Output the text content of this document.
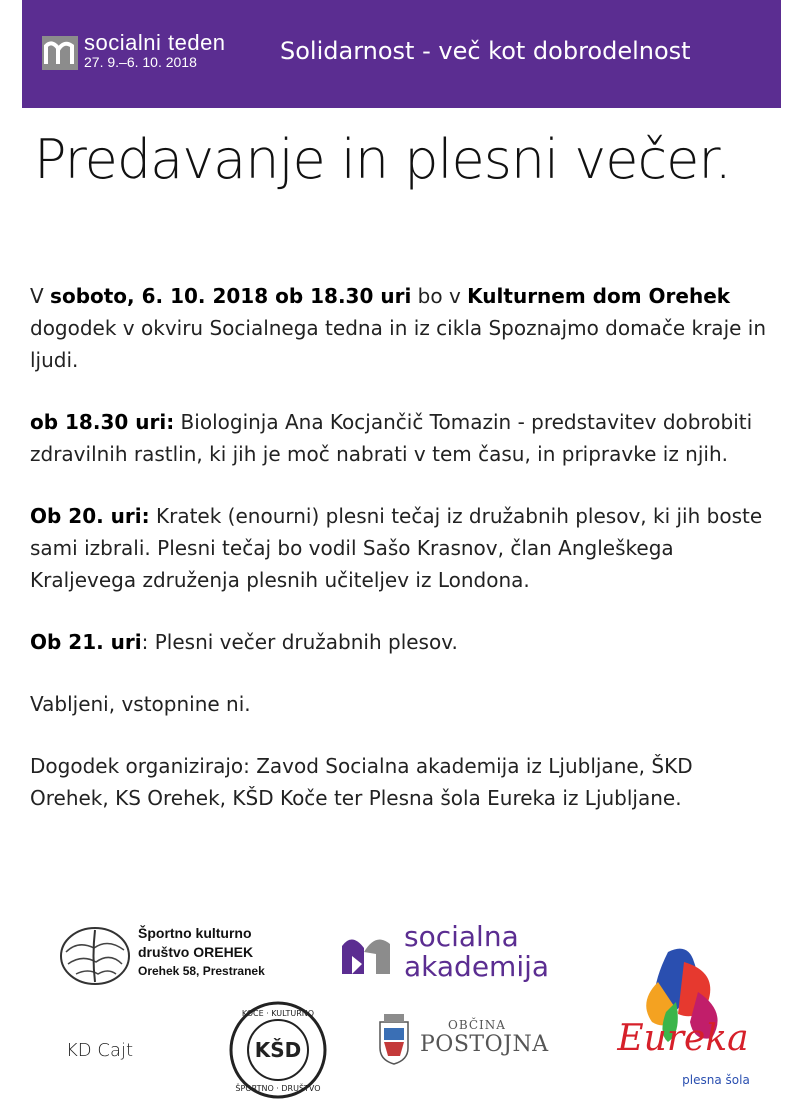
socialni teden
27. 9.–6. 10. 2018	Solidarnost - več kot dobrodelnost
Predavanje in plesni večer.

V soboto, 6. 10. 2018 ob 18.30 uri bo v Kulturnem dom Orehek dogodek v okviru Socialnega tedna in iz cikla Spoznajmo domače kraje in ljudi.

ob 18.30 uri: Biologinja Ana Kocjančič Tomazin - predstavitev dobrobiti zdravilnih rastlin, ki jih je moč nabrati v tem času, in pripravke iz njih.

Ob 20. uri: Kratek (enourni) plesni tečaj iz družabnih plesov, ki jih boste sami izbrali. Plesni tečaj bo vodil Sašo Krasnov, član Angleškega Kraljevega združenja plesnih učiteljev iz Londona.

Ob 21. uri: Plesni večer družabnih plesov.

Vabljeni, vstopnine ni.

Dogodek organizirajo: Zavod Socialna akademija iz Ljubljane, ŠKD Orehek, KS Orehek, KŠD Koče ter Plesna šola Eureka iz Ljubljane.

Športno kulturno
društvo OREHEK
Orehek 58, Prestranek
socialna
akademija
KD Cajt
KOČE · KULTURNO
ŠPORTNO · DRUŠTVO
KŠD
OBČINA
POSTOJNA Eureka
plesna šola
